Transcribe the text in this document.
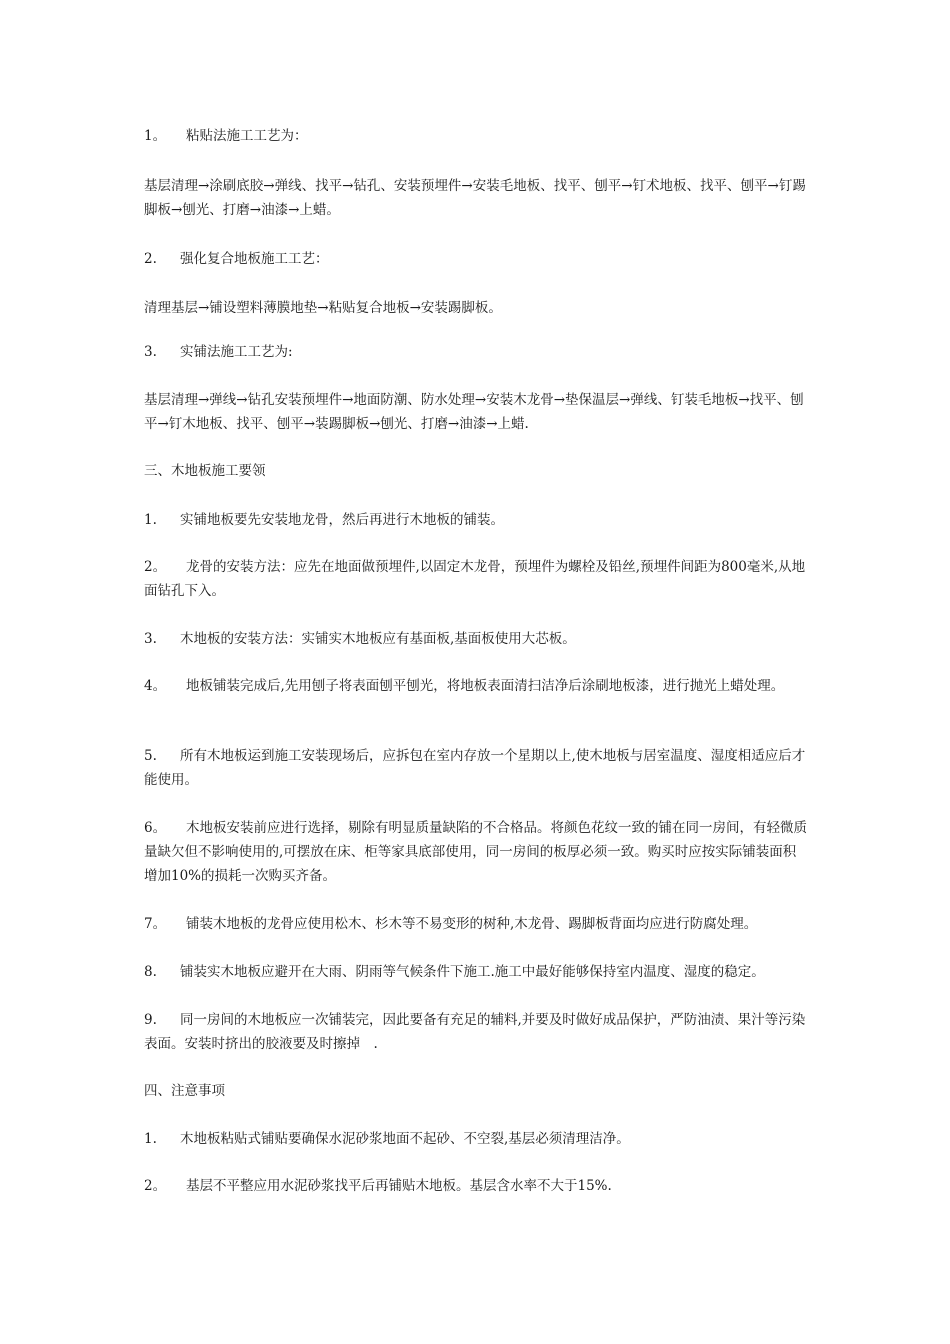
1。 粘贴法施工工艺为：

基层清理→涂刷底胶→弹线、找平→钻孔、安装预埋件→安装毛地板、找平、刨平→钉术地板、找平、刨平→钉踢脚板→刨光、打磨→油漆→上蜡。

2. 强化复合地板施工工艺：

清理基层→铺设塑料薄膜地垫→粘贴复合地板→安装踢脚板。

3. 实铺法施工工艺为:

基层清理→弹线→钻孔安装预埋件→地面防潮、防水处理→安装木龙骨→垫保温层→弹线、钉装毛地板→找平、刨平→钉木地板、找平、刨平→装踢脚板→刨光、打磨→油漆→上蜡.

三、木地板施工要领

1. 实铺地板要先安装地龙骨，然后再进行木地板的铺装。

2。 龙骨的安装方法：应先在地面做预埋件,以固定木龙骨，预埋件为螺栓及铅丝,预埋件间距为800毫米,从地面钻孔下入。

3. 木地板的安装方法：实铺实木地板应有基面板,基面板使用大芯板。

4。 地板铺装完成后,先用刨子将表面刨平刨光，将地板表面清扫洁净后涂刷地板漆，进行抛光上蜡处理。

5. 所有木地板运到施工安装现场后，应拆包在室内存放一个星期以上,使木地板与居室温度、湿度相适应后才能使用。

6。 木地板安装前应进行选择，剔除有明显质量缺陷的不合格品。将颜色花纹一致的铺在同一房间，有轻微质量缺欠但不影响使用的,可摆放在床、柜等家具底部使用，同一房间的板厚必须一致。购买时应按实际铺装面积增加10%的损耗一次购买齐备。

7。 铺装木地板的龙骨应使用松木、杉木等不易变形的树种,木龙骨、踢脚板背面均应进行防腐处理。

8. 铺装实木地板应避开在大雨、阴雨等气候条件下施工.施工中最好能够保持室内温度、湿度的稳定。

9. 同一房间的木地板应一次铺装完，因此要备有充足的辅料,并要及时做好成品保护，严防油渍、果汁等污染表面。安装时挤出的胶液要及时擦掉　.

四、注意事项

1. 木地板粘贴式铺贴要确保水泥砂浆地面不起砂、不空裂,基层必须清理洁净。

2。 基层不平整应用水泥砂浆找平后再铺贴木地板。基层含水率不大于15%.
